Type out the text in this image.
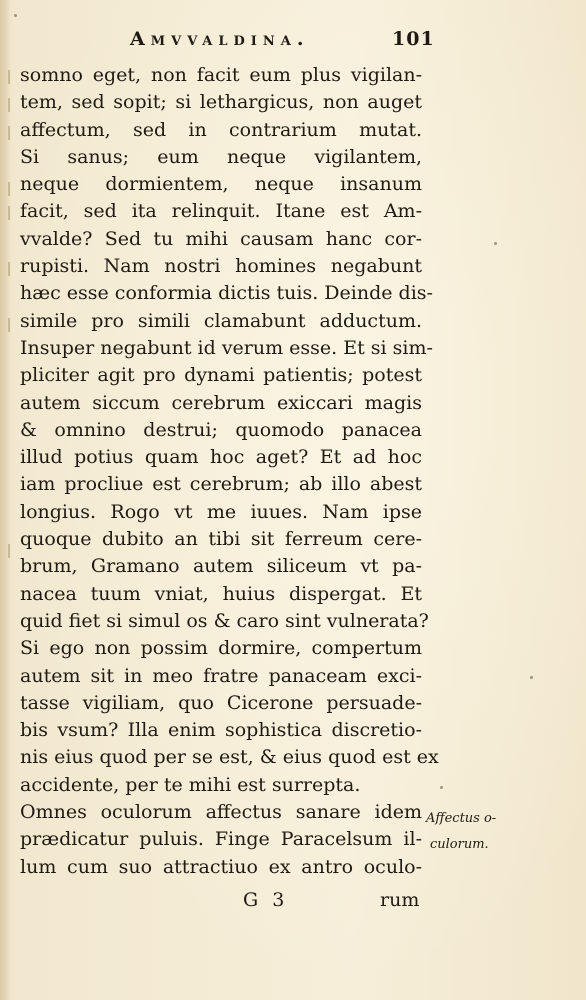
Amvvaldina.	101
somno eget, non facit eum plus vigilan-
tem, sed sopit; si lethargicus, non auget
affectum, sed in contrarium mutat.
Si sanus; eum neque vigilantem,
neque dormientem, neque insanum
facit, sed ita relinquit. Itane est Am-
vvalde? Sed tu mihi causam hanc cor-
rupisti. Nam nostri homines negabunt
hæc esse conformia dictis tuis. Deinde dis-
simile pro simili clamabunt adductum.
Insuper negabunt id verum esse. Et si sim-
pliciter agit pro dynami patientis; potest
autem siccum cerebrum exiccari magis
& omnino destrui; quomodo panacea
illud potius quam hoc aget? Et ad hoc
iam procliue est cerebrum; ab illo abest
longius. Rogo vt me iuues. Nam ipse
quoque dubito an tibi sit ferreum cere-
brum, Gramano autem siliceum vt pa-
nacea tuum vniat, huius dispergat. Et
quid fiet si simul os & caro sint vulnerata?
Si ego non possim dormire, compertum
autem sit in meo fratre panaceam exci-
tasse vigiliam, quo Cicerone persuade-
bis vsum? Illa enim sophistica discretio-
nis eius quod per se est, & eius quod est ex
accidente, per te mihi est surrepta.
Omnes oculorum affectus sanare idem
prædicatur puluis. Finge Paracelsum il-
lum cum suo attractiuo ex antro oculo-
Affectus o-
culorum.
G 3	rum
